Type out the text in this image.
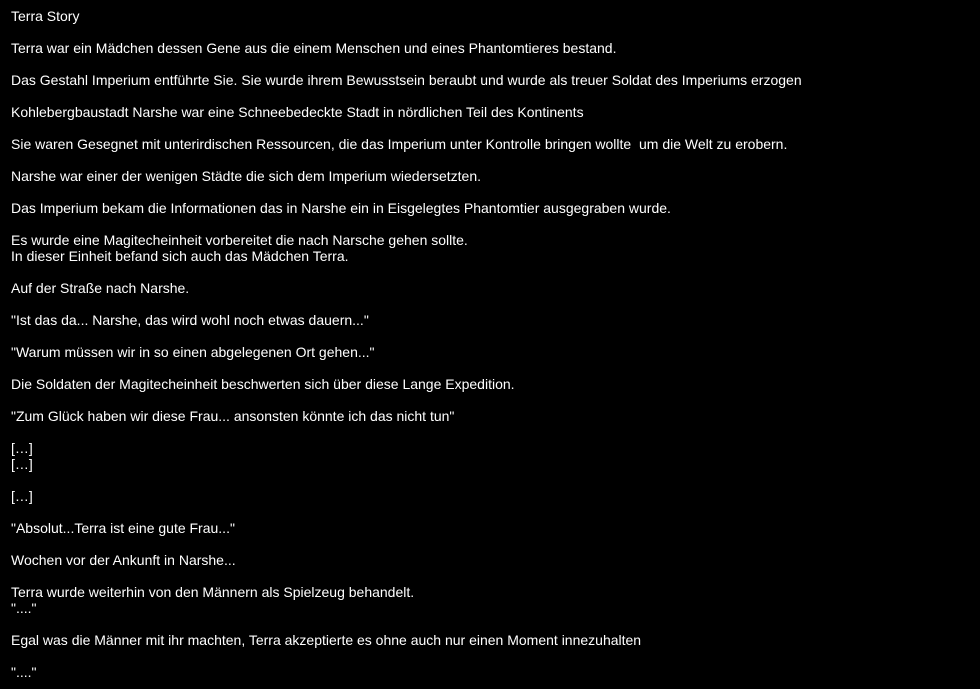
Terra Story

Terra war ein Mädchen dessen Gene aus die einem Menschen und eines Phantomtieres bestand.

Das Gestahl Imperium entführte Sie. Sie wurde ihrem Bewusstsein beraubt und wurde als treuer Soldat des Imperiums erzogen

Kohlebergbaustadt Narshe war eine Schneebedeckte Stadt in nördlichen Teil des Kontinents

Sie waren Gesegnet mit unterirdischen Ressourcen, die das Imperium unter Kontrolle bringen wollte  um die Welt zu erobern.

Narshe war einer der wenigen Städte die sich dem Imperium wiedersetzten.

Das Imperium bekam die Informationen das in Narshe ein in Eisgelegtes Phantomtier ausgegraben wurde.

Es wurde eine Magitecheinheit vorbereitet die nach Narsche gehen sollte.
In dieser Einheit befand sich auch das Mädchen Terra.

Auf der Straße nach Narshe.

"Ist das da... Narshe, das wird wohl noch etwas dauern..."

"Warum müssen wir in so einen abgelegenen Ort gehen..."

Die Soldaten der Magitecheinheit beschwerten sich über diese Lange Expedition.

"Zum Glück haben wir diese Frau... ansonsten könnte ich das nicht tun"

[…]
[…]

[…]

"Absolut...Terra ist eine gute Frau..."

Wochen vor der Ankunft in Narshe...

Terra wurde weiterhin von den Männern als Spielzeug behandelt.
"...."

Egal was die Männer mit ihr machten, Terra akzeptierte es ohne auch nur einen Moment innezuhalten

"...."
